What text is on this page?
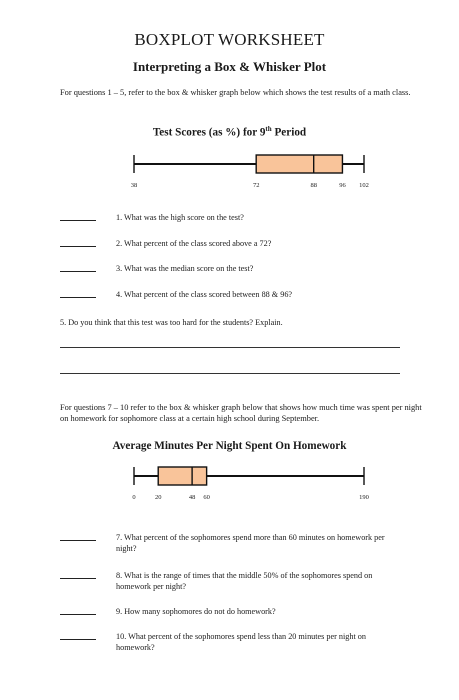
BOXPLOT WORKSHEET
Interpreting a Box & Whisker Plot
For questions 1 – 5, refer to the box & whisker graph below which shows the test results of a math class.
Test Scores (as %) for 9th Period
38	72	88	96 102
1. What was the high score on the test?
2. What percent of the class scored above a 72?
3. What was the median score on the test?
4. What percent of the class scored between 88 & 96?
5. Do you think that this test was too hard for the students? Explain.
For questions 7 – 10 refer to the box & whisker graph below that shows how much time was spent per night on homework for sophomore class at a certain high school during September.
Average Minutes Per Night Spent On Homework
0	20	48 60	190
7. What percent of the sophomores spend more than 60 minutes on homework per night?
8. What is the range of times that the middle 50% of the sophomores spend on homework per night?
9. How many sophomores do not do homework?
10. What percent of the sophomores spend less than 20 minutes per night on homework?
